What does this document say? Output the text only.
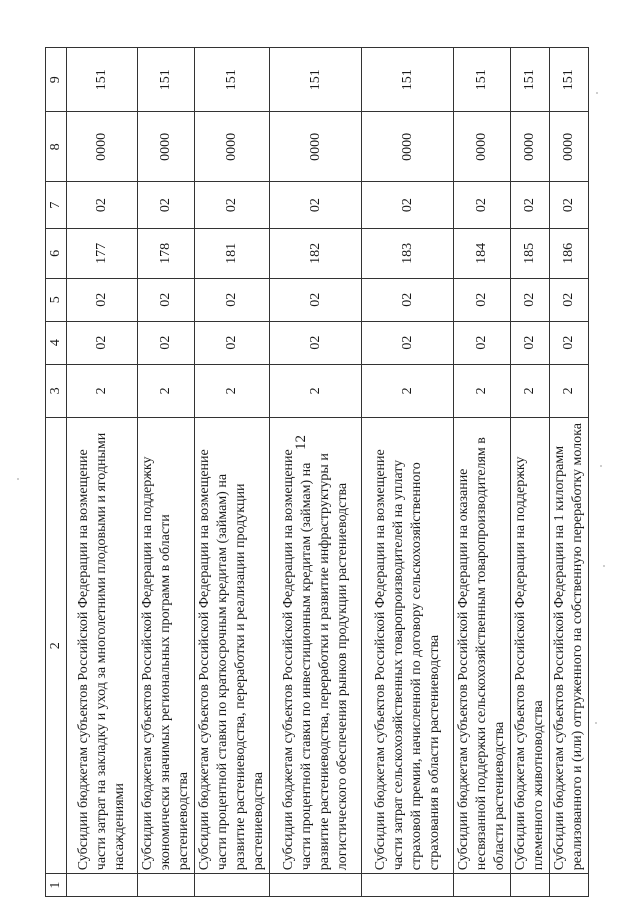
12
1	2	3	4	5	6	7	8	9
	Субсидии бюджетам субъектов Российской Федерации на возмещение части затрат на закладку и уход за многолетними плодовыми и ягодными насаждениями	2	02	02	177	02	0000	151
	Субсидии бюджетам субъектов Российской Федерации на поддержку экономически значимых региональных программ в области растениеводства	2	02	02	178	02	0000	151
	Субсидии бюджетам субъектов Российской Федерации на возмещение части процентной ставки по краткосрочным кредитам (займам) на развитие растениеводства, переработки и реализации продукции растениеводства	2	02	02	181	02	0000	151
	Субсидии бюджетам субъектов Российской Федерации на возмещение части процентной ставки по инвестиционным кредитам (займам) на развитие растениеводства, переработки и развитие инфраструктуры и логистического обеспечения рынков продукции растениеводства	2	02	02	182	02	0000	151
	Субсидии бюджетам субъектов Российской Федерации на возмещение части затрат сельскохозяйственных товаропроизводителей на уплату страховой премии, начисленной по договору сельскохозяйственного страхования в области растениеводства	2	02	02	183	02	0000	151
	Субсидии бюджетам субъектов Российской Федерации на оказание несвязанной поддержки сельскохозяйственным товаропроизводителям в области растениеводства	2	02	02	184	02	0000	151
	Субсидии бюджетам субъектов Российской Федерации на поддержку племенного животноводства	2	02	02	185	02	0000	151
	Субсидии бюджетам субъектов Российской Федерации на 1 килограмм реализованного и (или) отгруженного на собственную переработку молока	2	02	02	186	02	0000	151
